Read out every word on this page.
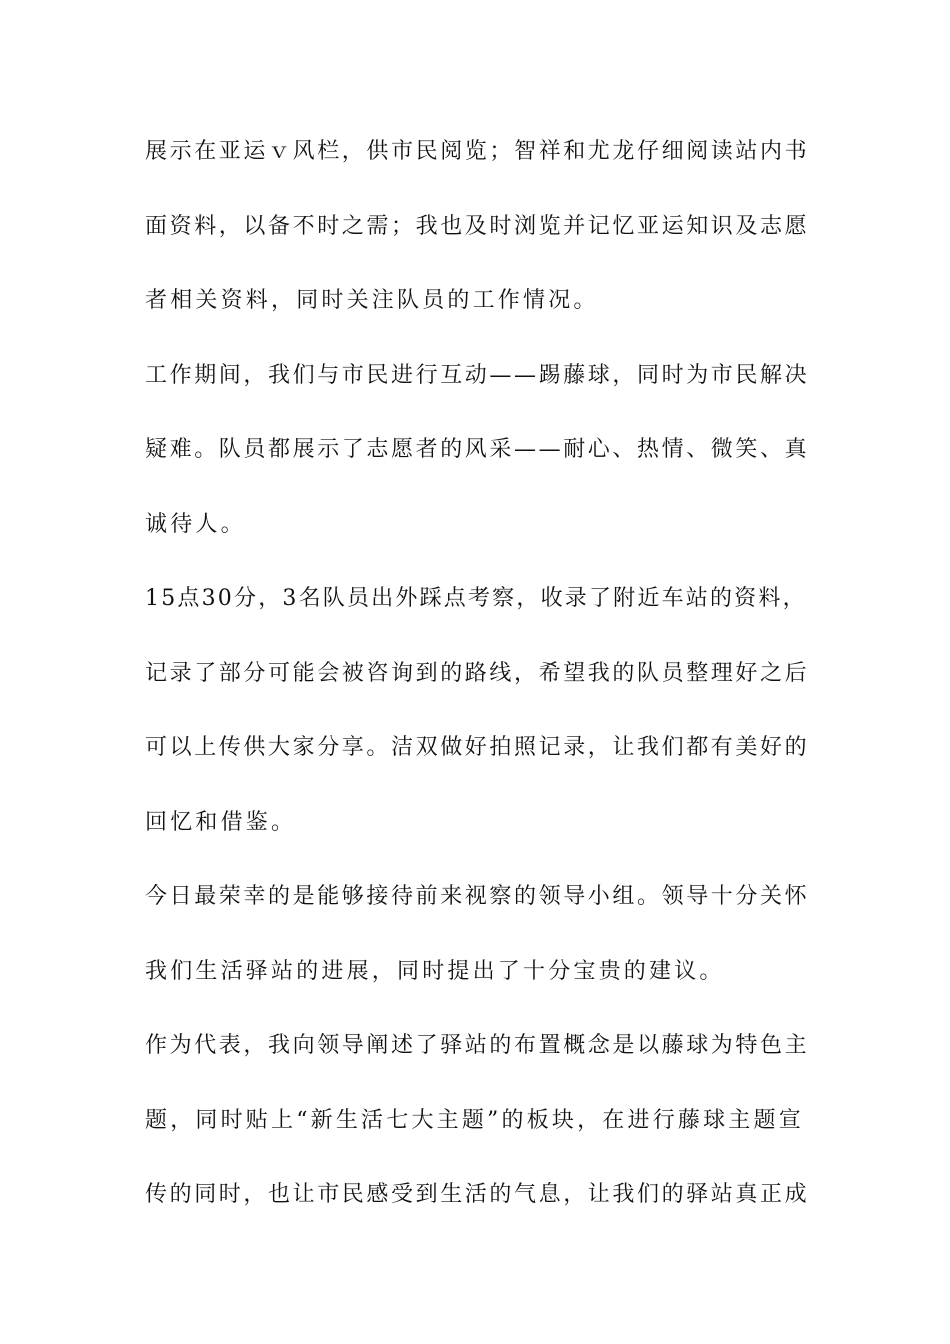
展示在亚运ｖ风栏，供市民阅览；智祥和尤龙仔细阅读站内书
面资料，以备不时之需；我也及时浏览并记忆亚运知识及志愿
者相关资料，同时关注队员的工作情况。
工作期间，我们与市民进行互动——踢藤球，同时为市民解决
疑难。队员都展示了志愿者的风采——耐心、热情、微笑、真
诚待人。
15点30分，3名队员出外踩点考察，收录了附近车站的资料，
记录了部分可能会被咨询到的路线，希望我的队员整理好之后
可以上传供大家分享。洁双做好拍照记录，让我们都有美好的
回忆和借鉴。
今日最荣幸的是能够接待前来视察的领导小组。领导十分关怀
我们生活驿站的进展，同时提出了十分宝贵的建议。
作为代表，我向领导阐述了驿站的布置概念是以藤球为特色主
题，同时贴上“新生活七大主题”的板块，在进行藤球主题宣
传的同时，也让市民感受到生活的气息，让我们的驿站真正成
